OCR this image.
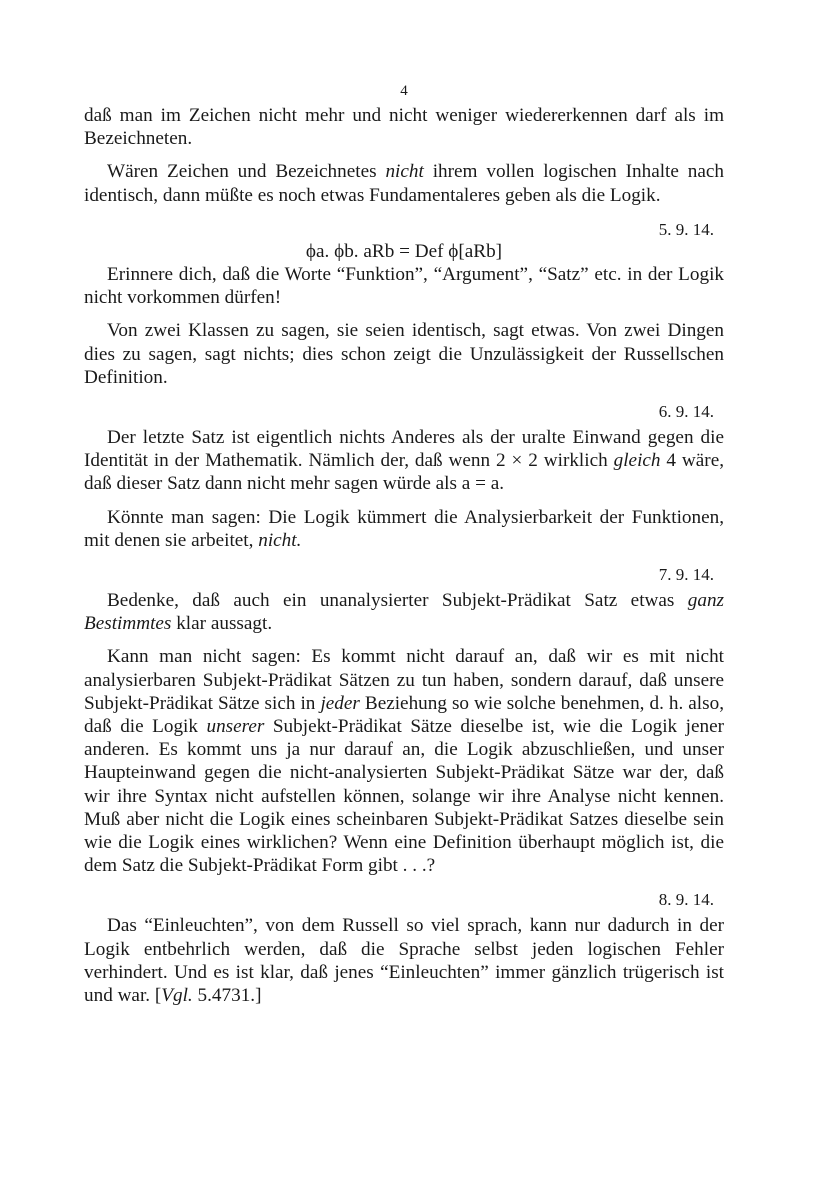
4

daß man im Zeichen nicht mehr und nicht weniger wiedererkennen darf als im Bezeichneten.

Wären Zeichen und Bezeichnetes nicht ihrem vollen logischen Inhalte nach identisch, dann müßte es noch etwas Fundamentaleres geben als die Logik.

5. 9. 14.

ϕa. ϕb. aRb = Def ϕ[aRb]

Erinnere dich, daß die Worte “Funktion”, “Argument”, “Satz” etc. in der Logik nicht vorkommen dürfen!

Von zwei Klassen zu sagen, sie seien identisch, sagt etwas. Von zwei Dingen dies zu sagen, sagt nichts; dies schon zeigt die Unzulässigkeit der Russellschen Definition.

6. 9. 14.

Der letzte Satz ist eigentlich nichts Anderes als der uralte Einwand gegen die Identität in der Mathematik. Nämlich der, daß wenn 2 × 2 wirklich gleich 4 wäre, daß dieser Satz dann nicht mehr sagen würde als a = a.

Könnte man sagen: Die Logik kümmert die Analysierbarkeit der Funktionen, mit denen sie arbeitet, nicht.

7. 9. 14.

Bedenke, daß auch ein unanalysierter Subjekt-Prädikat Satz etwas ganz Bestimmtes klar aussagt.

Kann man nicht sagen: Es kommt nicht darauf an, daß wir es mit nicht analysierbaren Subjekt-Prädikat Sätzen zu tun haben, sondern darauf, daß unsere Subjekt-Prädikat Sätze sich in jeder Beziehung so wie solche benehmen, d. h. also, daß die Logik unserer Subjekt-Prädikat Sätze dieselbe ist, wie die Logik jener anderen. Es kommt uns ja nur darauf an, die Logik abzuschließen, und unser Haupteinwand gegen die nicht-analysierten Subjekt-Prädikat Sätze war der, daß wir ihre Syntax nicht aufstellen können, solange wir ihre Analyse nicht kennen. Muß aber nicht die Logik eines scheinbaren Subjekt-Prädikat Satzes dieselbe sein wie die Logik eines wirklichen? Wenn eine Definition überhaupt möglich ist, die dem Satz die Subjekt-Prädikat Form gibt . . .?

8. 9. 14.

Das “Einleuchten”, von dem Russell so viel sprach, kann nur dadurch in der Logik entbehrlich werden, daß die Sprache selbst jeden logischen Fehler verhindert. Und es ist klar, daß jenes “Einleuchten” immer gänzlich trügerisch ist und war. [Vgl. 5.4731.]
